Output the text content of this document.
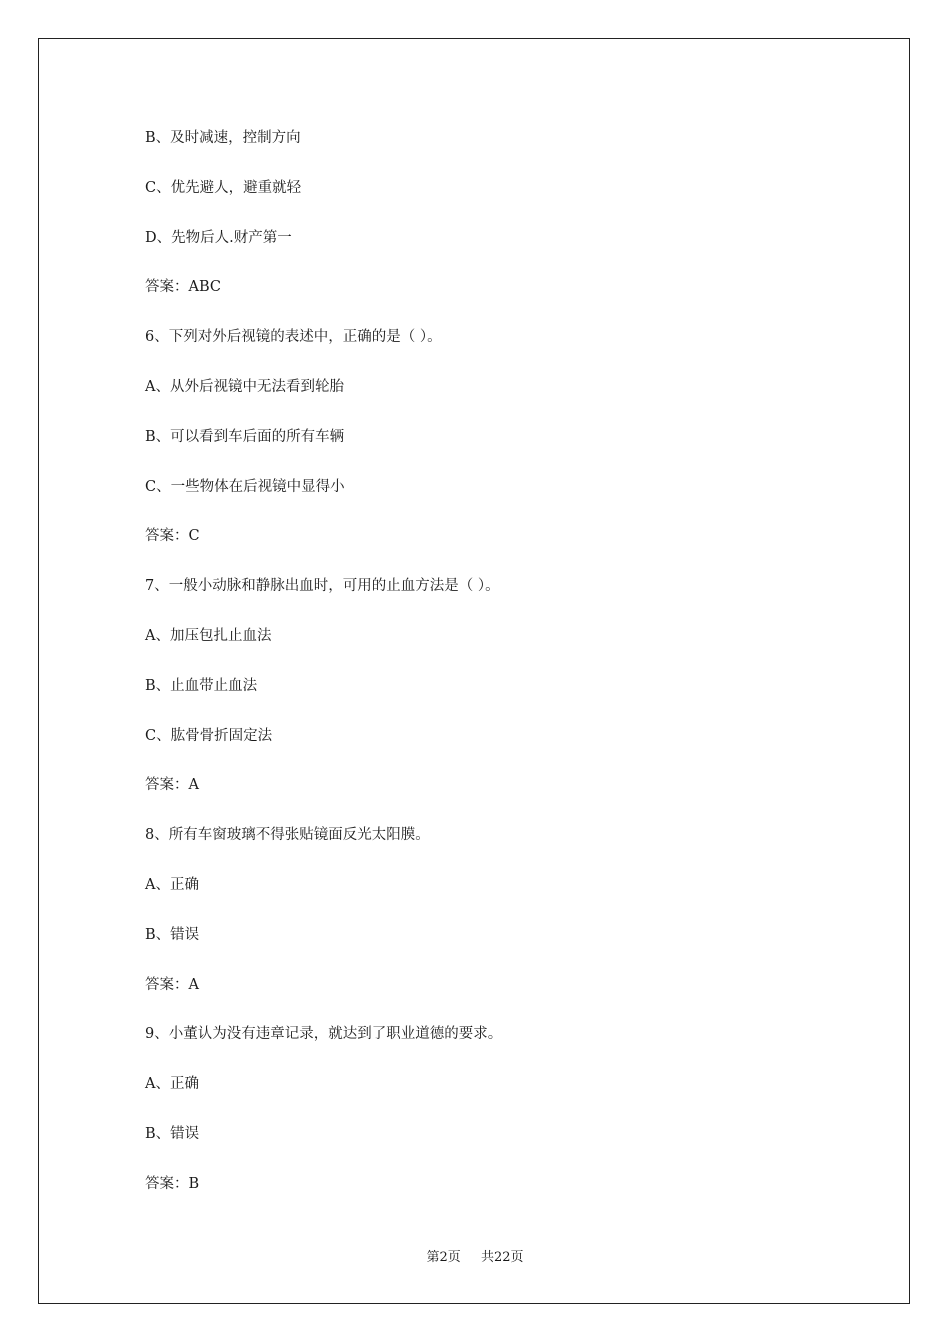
B、及时减速，控制方向
C、优先避人，避重就轻
D、先物后人.财产第一
答案：ABC
6、下列对外后视镜的表述中，正确的是（ ）。
A、从外后视镜中无法看到轮胎
B、可以看到车后面的所有车辆
C、一些物体在后视镜中显得小
答案：C
7、一般小动脉和静脉出血时，可用的止血方法是（ ）。
A、加压包扎止血法
B、止血带止血法
C、肱骨骨折固定法
答案：A
8、所有车窗玻璃不得张贴镜面反光太阳膜。
A、正确
B、错误
答案：A
9、小董认为没有违章记录，就达到了职业道德的要求。
A、正确
B、错误
答案：B
第2页 共22页
